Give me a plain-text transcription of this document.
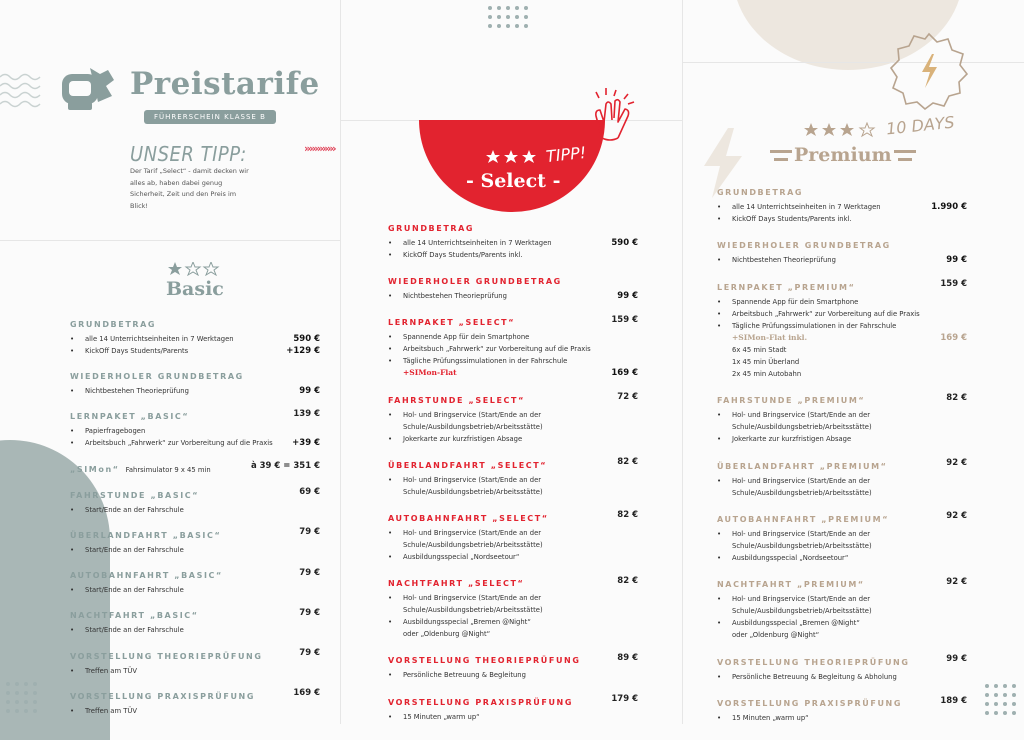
Preistarife
FÜHRERSCHEIN KLASSE B
UNSER TIPP:
Der Tarif „Select“ - damit decken wir alles ab, haben dabei genug Sicherheit, Zeit und den Preis im Blick!
»»»»»»
Basic
GRUNDBETRAG
• alle 14 Unterrichtseinheiten in 7 Werktagen	590 €
• KickOff Days Students/Parents	+129 €
WIEDERHOLER GRUNDBETRAG
• Nichtbestehen Theorieprüfung	99 €
LERNPAKET „BASIC“	139 €
• Papierfragebogen
• Arbeitsbuch „Fahrwerk“ zur Vorbereitung auf die Praxis +39 €
„SIMon“ Fahrsimulator 9 x 45 min	à 39 € = 351 €
FAHRSTUNDE „BASIC“	69 €
• Start/Ende an der Fahrschule
ÜBERLANDFAHRT „BASIC“	79 €
• Start/Ende an der Fahrschule
AUTOBAHNFAHRT „BASIC“	79 €
• Start/Ende an der Fahrschule
NACHTFAHRT „BASIC“	79 €
• Start/Ende an der Fahrschule
VORSTELLUNG THEORIEPRÜFUNG	79 €
• Treffen am TÜV
VORSTELLUNG PRAXISPRÜFUNG	169 €
• Treffen am TÜV
TIPP!
- Select -
GRUNDBETRAG
• alle 14 Unterrichtseinheiten in 7 Werktagen	590 €
• KickOff Days Students/Parents inkl.
WIEDERHOLER GRUNDBETRAG
• Nichtbestehen Theorieprüfung	99 €
LERNPAKET „SELECT“	159 €
• Spannende App für dein Smartphone
• Arbeitsbuch „Fahrwerk“ zur Vorbereitung auf die Praxis
• Tägliche Prüfungssimulationen in der Fahrschule
+SIMon-Flat	169 €
FAHRSTUNDE „SELECT“	72 €
• Hol- und Bringservice (Start/Ende an der
Schule/Ausbildungsbetrieb/Arbeitsstätte)
• Jokerkarte zur kurzfristigen Absage
ÜBERLANDFAHRT „SELECT“	82 €
• Hol- und Bringservice (Start/Ende an der
Schule/Ausbildungsbetrieb/Arbeitsstätte)
AUTOBAHNFAHRT „SELECT“	82 €
• Hol- und Bringservice (Start/Ende an der
Schule/Ausbildungsbetrieb/Arbeitsstätte)
• Ausbildungsspecial „Nordseetour“
NACHTFAHRT „SELECT“	82 €
• Hol- und Bringservice (Start/Ende an der
Schule/Ausbildungsbetrieb/Arbeitsstätte)
• Ausbildungsspecial „Bremen @Night“
oder „Oldenburg @Night“
VORSTELLUNG THEORIEPRÜFUNG	89 €
• Persönliche Betreuung & Begleitung
VORSTELLUNG PRAXISPRÜFUNG	179 €
• 15 Minuten „warm up“
10 DAYS
Premium
GRUNDBETRAG
• alle 14 Unterrichtseinheiten in 7 Werktagen	1.990 €
• KickOff Days Students/Parents inkl.
WIEDERHOLER GRUNDBETRAG
• Nichtbestehen Theorieprüfung	99 €
LERNPAKET „PREMIUM“	159 €
• Spannende App für dein Smartphone
• Arbeitsbuch „Fahrwerk“ zur Vorbereitung auf die Praxis
• Tägliche Prüfungssimulationen in der Fahrschule
+SIMon-Flat inkl.	169 €
6x 45 min Stadt
1x 45 min Überland
2x 45 min Autobahn
FAHRSTUNDE „PREMIUM“	82 €
• Hol- und Bringservice (Start/Ende an der
Schule/Ausbildungsbetrieb/Arbeitsstätte)
• Jokerkarte zur kurzfristigen Absage
ÜBERLANDFAHRT „PREMIUM“	92 €
• Hol- und Bringservice (Start/Ende an der
Schule/Ausbildungsbetrieb/Arbeitsstätte)
AUTOBAHNFAHRT „PREMIUM“	92 €
• Hol- und Bringservice (Start/Ende an der
Schule/Ausbildungsbetrieb/Arbeitsstätte)
• Ausbildungsspecial „Nordseetour“
NACHTFAHRT „PREMIUM“	92 €
• Hol- und Bringservice (Start/Ende an der
Schule/Ausbildungsbetrieb/Arbeitsstätte)
• Ausbildungsspecial „Bremen @Night“
oder „Oldenburg @Night“
VORSTELLUNG THEORIEPRÜFUNG	99 €
• Persönliche Betreuung & Begleitung & Abholung
VORSTELLUNG PRAXISPRÜFUNG	189 €
• 15 Minuten „warm up“
